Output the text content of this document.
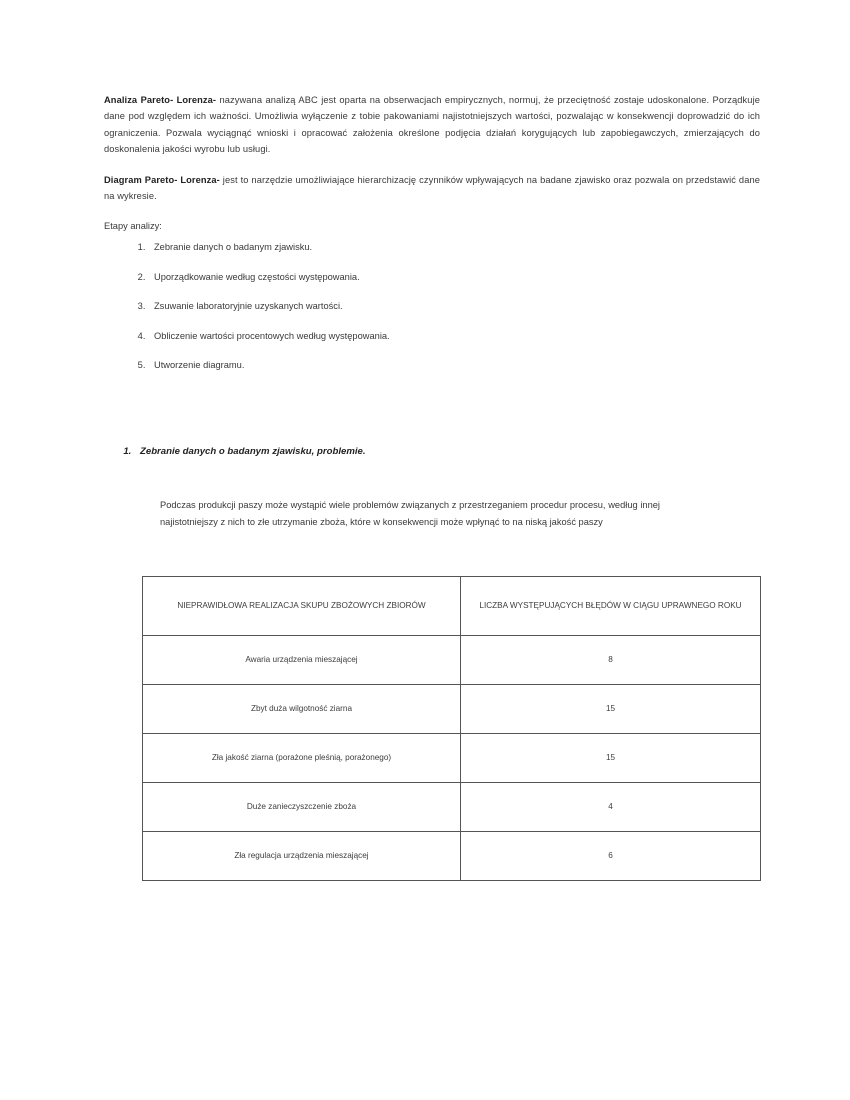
Analiza Pareto- Lorenza- nazywana analizą ABC jest oparta na obserwacjach empirycznych, normuj, że przeciętność zostaje udoskonalone. Porządkuje dane pod względem ich ważności. Umożliwia wyłączenie z tobie pakowaniami najistotniejszych wartości, pozwalając w konsekwencji doprowadzić do ich ograniczenia. Pozwala wyciągnąć wnioski i opracować założenia określone podjęcia działań korygujących lub zapobiegawczych, zmierzających do doskonalenia jakości wyrobu lub usługi.

Diagram Pareto- Lorenza- jest to narzędzie umożliwiające hierarchizację czynników wpływających na badane zjawisko oraz pozwala on przedstawić dane na wykresie.

Etapy analizy:

1. Zebranie danych o badanym zjawisku.
2. Uporządkowanie według częstości występowania.
3. Zsuwanie laboratoryjnie uzyskanych wartości.
4. Obliczenie wartości procentowych według występowania.
5. Utworzenie diagramu.
1. Zebranie danych o badanym zjawisku, problemie.

Podczas produkcji paszy może wystąpić wiele problemów związanych z przestrzeganiem procedur procesu, według innej najistotniejszy z nich to złe utrzymanie zboża, które w konsekwencji może wpłynąć to na niską jakość paszy

NIEPRAWIDŁOWA REALIZACJA SKUPU ZBOŻOWYCH ZBIORÓW	LICZBA WYSTĘPUJĄCYCH BŁĘDÓW W CIĄGU UPRAWNEGO ROKU
Awaria urządzenia mieszającej	8
Zbyt duża wilgotność ziarna	15
Zła jakość ziarna (porażone pleśnią, porażonego)	15
Duże zanieczyszczenie zboża	4
Zła regulacja urządzenia mieszającej	6
